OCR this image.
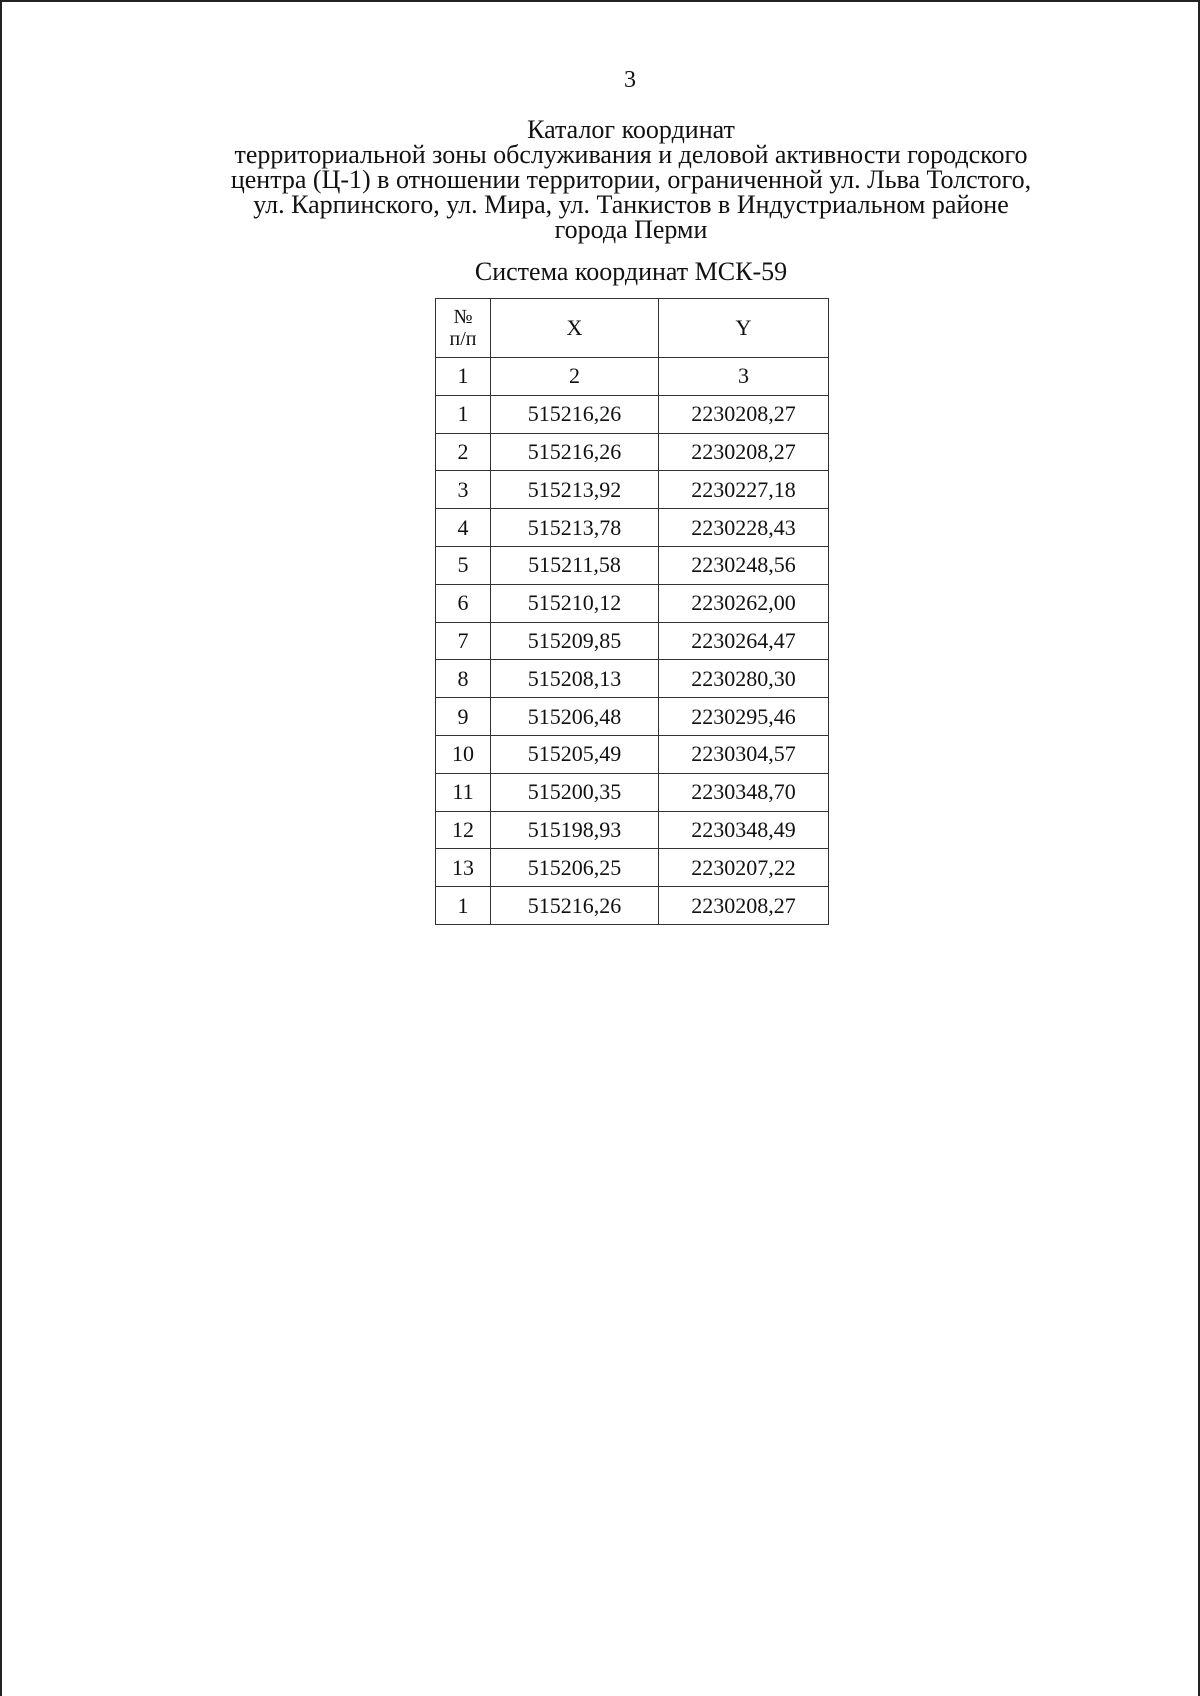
3
Каталог координат
территориальной зоны обслуживания и деловой активности городского
центра (Ц-1) в отношении территории, ограниченной ул. Льва Толстого,
ул. Карпинского, ул. Мира, ул. Танкистов в Индустриальном районе
города Перми
Система координат МСК-59
№
п/п	X	Y
1	2	3
1	515216,26	2230208,27
2	515216,26	2230208,27
3	515213,92	2230227,18
4	515213,78	2230228,43
5	515211,58	2230248,56
6	515210,12	2230262,00
7	515209,85	2230264,47
8	515208,13	2230280,30
9	515206,48	2230295,46
10	515205,49	2230304,57
11	515200,35	2230348,70
12	515198,93	2230348,49
13	515206,25	2230207,22
1	515216,26	2230208,27
